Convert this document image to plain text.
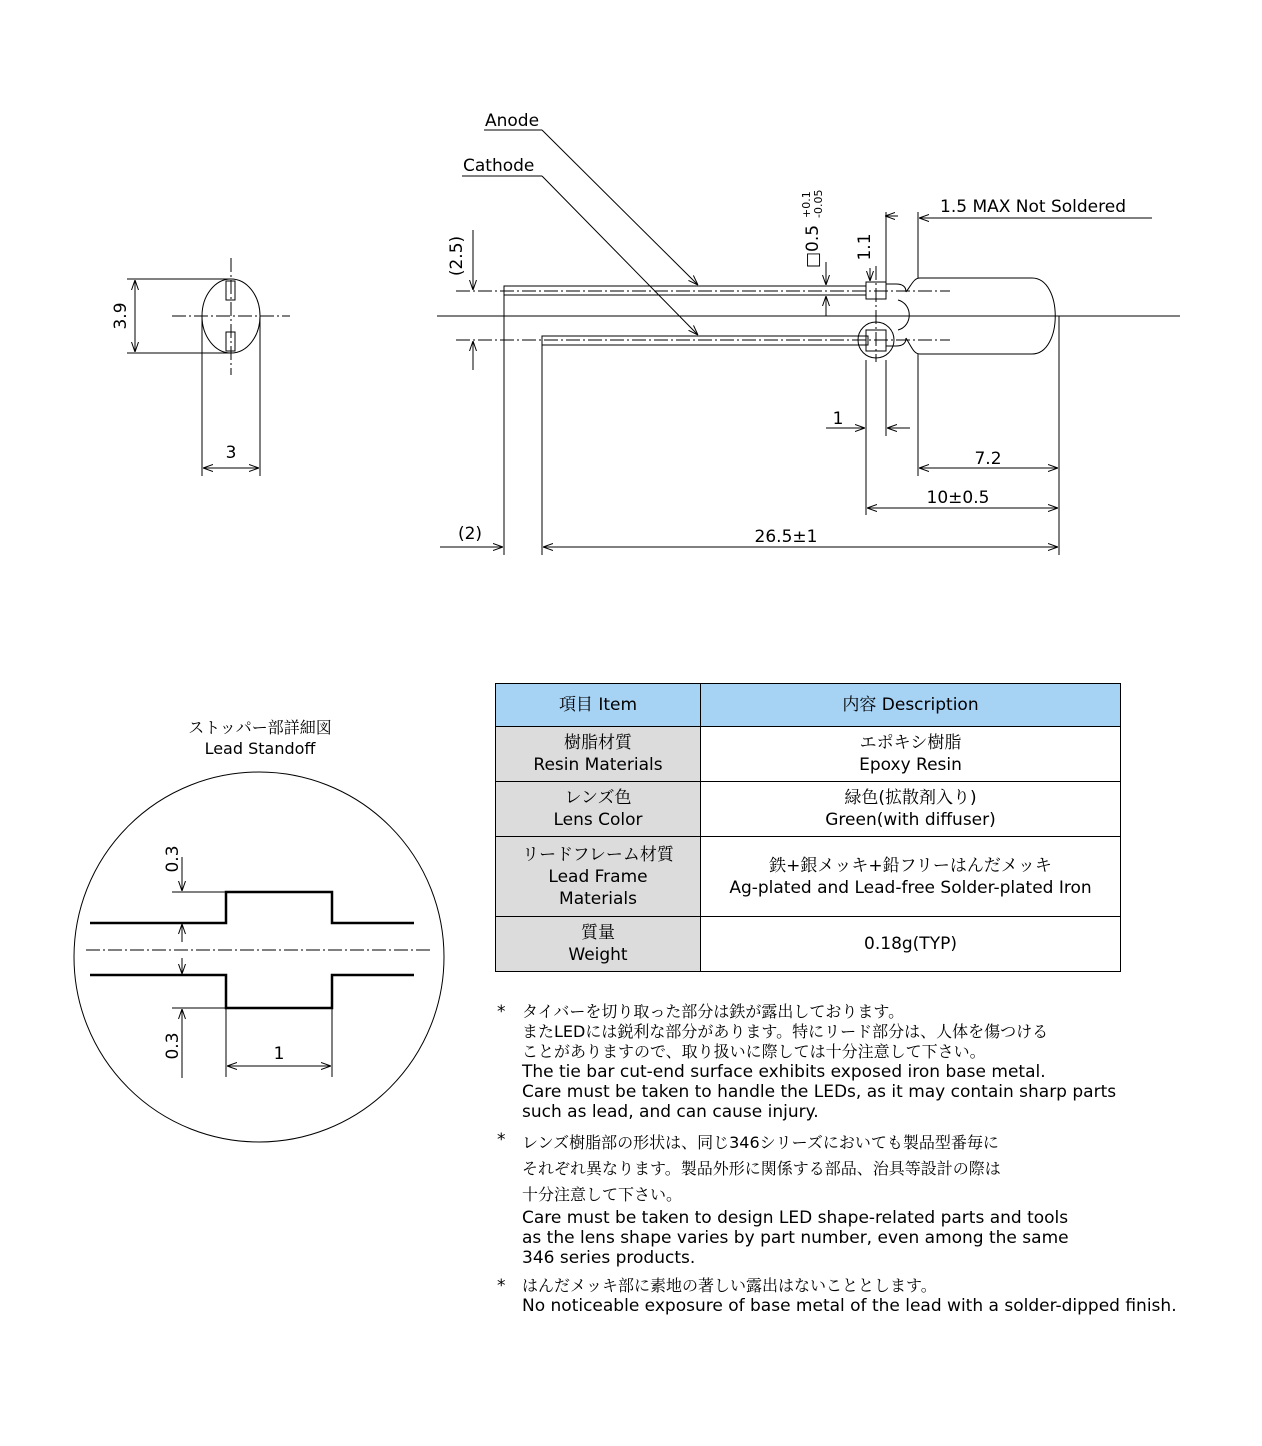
3.9
3
(2.5)	□0.5
+0.1 -0.05
1.1
1.5 MAX Not Soldered
Anode
Cathode
1
7.2
10±0.5
26.5±1
(2)
0.3
0.3	1
ストッパー部詳細図
Lead Standoff
項目 Item	内容 Description

樹脂材質
Resin Materials	エポキシ樹脂
Epoxy Resin

レンズ色
Lens Color	緑色(拡散剤入り)
Green(with diffuser)

リードフレーム材質
Lead Frame
Materials	鉄+銀メッキ+鉛フリーはんだメッキ
Ag-plated and Lead-free Solder-plated Iron

質量
Weight	0.18g(TYP)
* タイバーを切り取った部分は鉄が露出しております。
またLEDには鋭利な部分があります。特にリード部分は、人体を傷つける
ことがありますので、取り扱いに際しては十分注意して下さい。
The tie bar cut-end surface exhibits exposed iron base metal.
Care must be taken to handle the LEDs, as it may contain sharp parts
such as lead, and can cause injury.
* レンズ樹脂部の形状は、同じ346シリーズにおいても製品型番毎に
それぞれ異なります。製品外形に関係する部品、治具等設計の際は
十分注意して下さい。
Care must be taken to design LED shape-related parts and tools
as the lens shape varies by part number, even among the same
346 series products.
* はんだメッキ部に素地の著しい露出はないこととします。
No noticeable exposure of base metal of the lead with a solder-dipped finish.
